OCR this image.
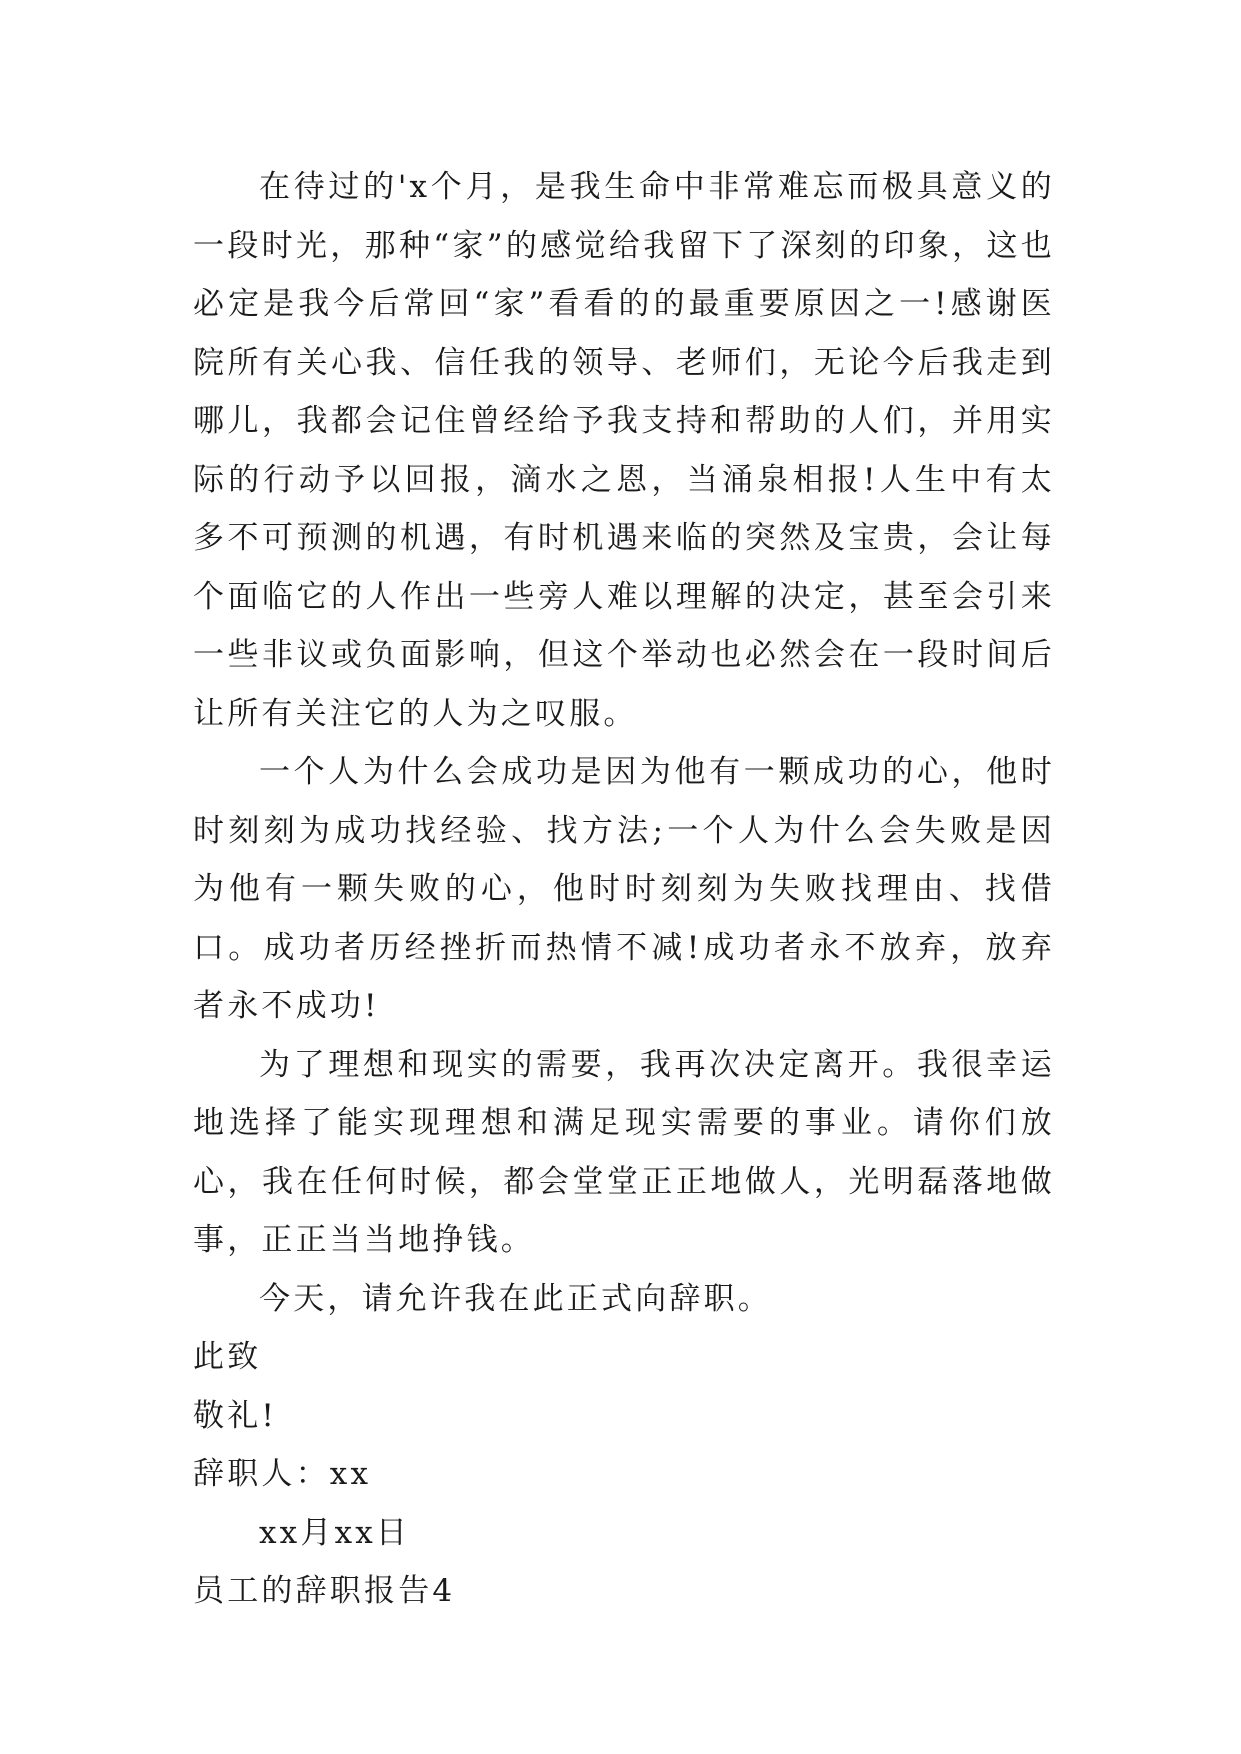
在待过的'x个月，是我生命中非常难忘而极具意义的一段时光，那种“家”的感觉给我留下了深刻的印象，这也必定是我今后常回“家”看看的的最重要原因之一!感谢医院所有关心我、信任我的领导、老师们，无论今后我走到哪儿，我都会记住曾经给予我支持和帮助的人们，并用实际的行动予以回报，滴水之恩，当涌泉相报!人生中有太多不可预测的机遇，有时机遇来临的突然及宝贵，会让每个面临它的人作出一些旁人难以理解的决定，甚至会引来一些非议或负面影响，但这个举动也必然会在一段时间后让所有关注它的人为之叹服。

一个人为什么会成功是因为他有一颗成功的心，他时时刻刻为成功找经验、找方法;一个人为什么会失败是因为他有一颗失败的心，他时时刻刻为失败找理由、找借口。成功者历经挫折而热情不减!成功者永不放弃，放弃者永不成功!

为了理想和现实的需要，我再次决定离开。我很幸运地选择了能实现理想和满足现实需要的事业。请你们放心，我在任何时候，都会堂堂正正地做人，光明磊落地做事，正正当当地挣钱。

今天，请允许我在此正式向辞职。

此致

敬礼!

辞职人：xx

xx月xx日

员工的辞职报告4
